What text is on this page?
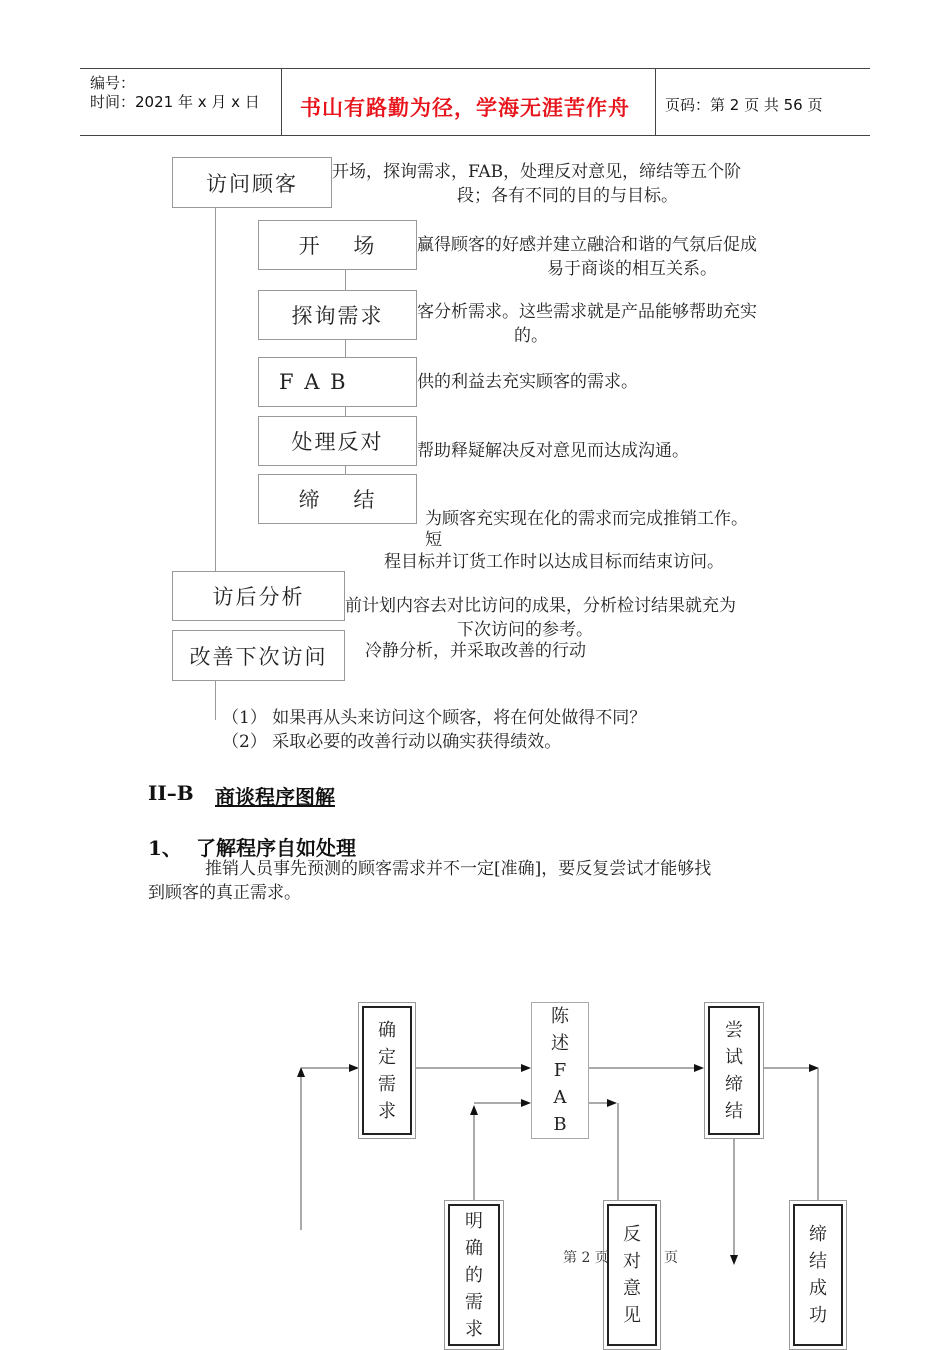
编号：
时间：2021 年 x 月 x 日 书山有路勤为径，学海无涯苦作舟 页码：第 2 页 共 56 页
访问顾客
开　 场
探询需求
F A B
处理反对
缔　 结
访后分析
改善下次访问
开场，探询需求，FAB，处理反对意见，缔结等五个阶
段；各有不同的目的与目标。
赢得顾客的好感并建立融洽和谐的气氛后促成
易于商谈的相互关系。
客分析需求。这些需求就是产品能够帮助充实
的。
供的利益去充实顾客的需求。
帮助释疑解决反对意见而达成沟通。
为顾客充实现在化的需求而完成推销工作。
短
程目标并订货工作时以达成目标而结束访问。
前计划内容去对比访问的成果，分析检讨结果就充为
下次访问的参考。
冷静分析，并采取改善的行动
（1） 如果再从头来访问这个顾客，将在何处做得不同？
（2） 采取必要的改善行动以确实获得绩效。
II–B 商谈程序图解
1、 了解程序自如处理
推销人员事先预测的顾客需求并不一定[准确]，要反复尝试才能够找
到顾客的真正需求。
确
定
需
求
陈
述
F
A
B
尝
试
缔
结
明
确
的
需
求
反
对
意
见
缔
结
成
功
第 2 页	页
